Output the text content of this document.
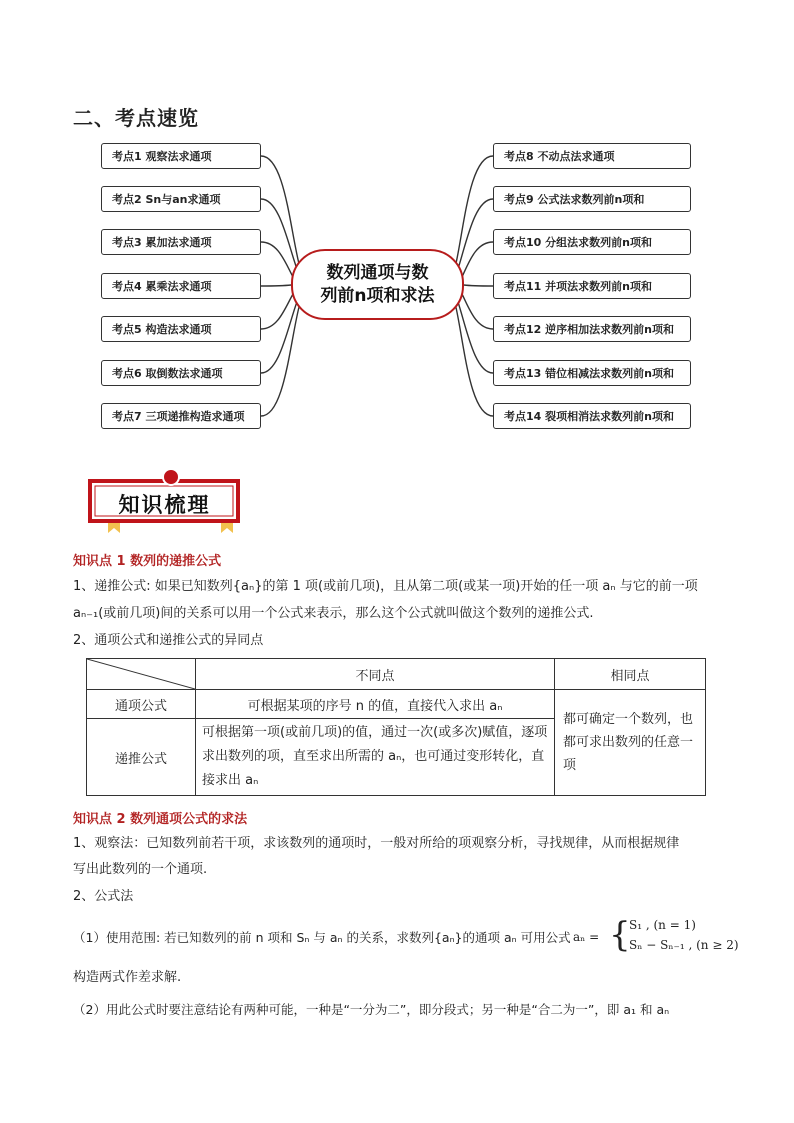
二、考点速览
考点1 观察法求通项
考点2 Sn与an求通项
考点3 累加法求通项
考点4 累乘法求通项
考点5 构造法求通项
考点6 取倒数法求通项
考点7 三项递推构造求通项
考点8 不动点法求通项
考点9 公式法求数列前n项和
考点10 分组法求数列前n项和
考点11 并项法求数列前n项和
考点12 逆序相加法求数列前n项和
考点13 错位相减法求数列前n项和
考点14 裂项相消法求数列前n项和
数列通项与数
列前n项和求法
知识梳理
知识点 1 数列的递推公式
1、递推公式: 如果已知数列{aₙ}的第 1 项(或前几项)，且从第二项(或某一项)开始的任一项 aₙ 与它的前一项
aₙ₋₁(或前几项)间的关系可以用一个公式来表示，那么这个公式就叫做这个数列的递推公式.
2、通项公式和递推公式的异同点
	不同点	相同点
通项公式	可根据某项的序号 n 的值，直接代入求出 aₙ	都可确定一个数列，也都可求出数列的任意一项
递推公式	可根据第一项(或前几项)的值，通过一次(或多次)赋值，逐项求出数列的项，直至求出所需的 aₙ，也可通过变形转化，直接求出 aₙ	
知识点 2 数列通项公式的求法
1、观察法：已知数列前若干项，求该数列的通项时，一般对所给的项观察分析，寻找规律，从而根据规律
写出此数列的一个通项.
2、公式法
（1）使用范围: 若已知数列的前 n 项和 Sₙ 与 aₙ 的关系，求数列{aₙ}的通项 aₙ 可用公式 aₙ = {
S₁ , (n = 1)
Sₙ − Sₙ₋₁ , (n ≥ 2)
构造两式作差求解.
（2）用此公式时要注意结论有两种可能，一种是“一分为二”，即分段式；另一种是“合二为一”，即 a₁ 和 aₙ
